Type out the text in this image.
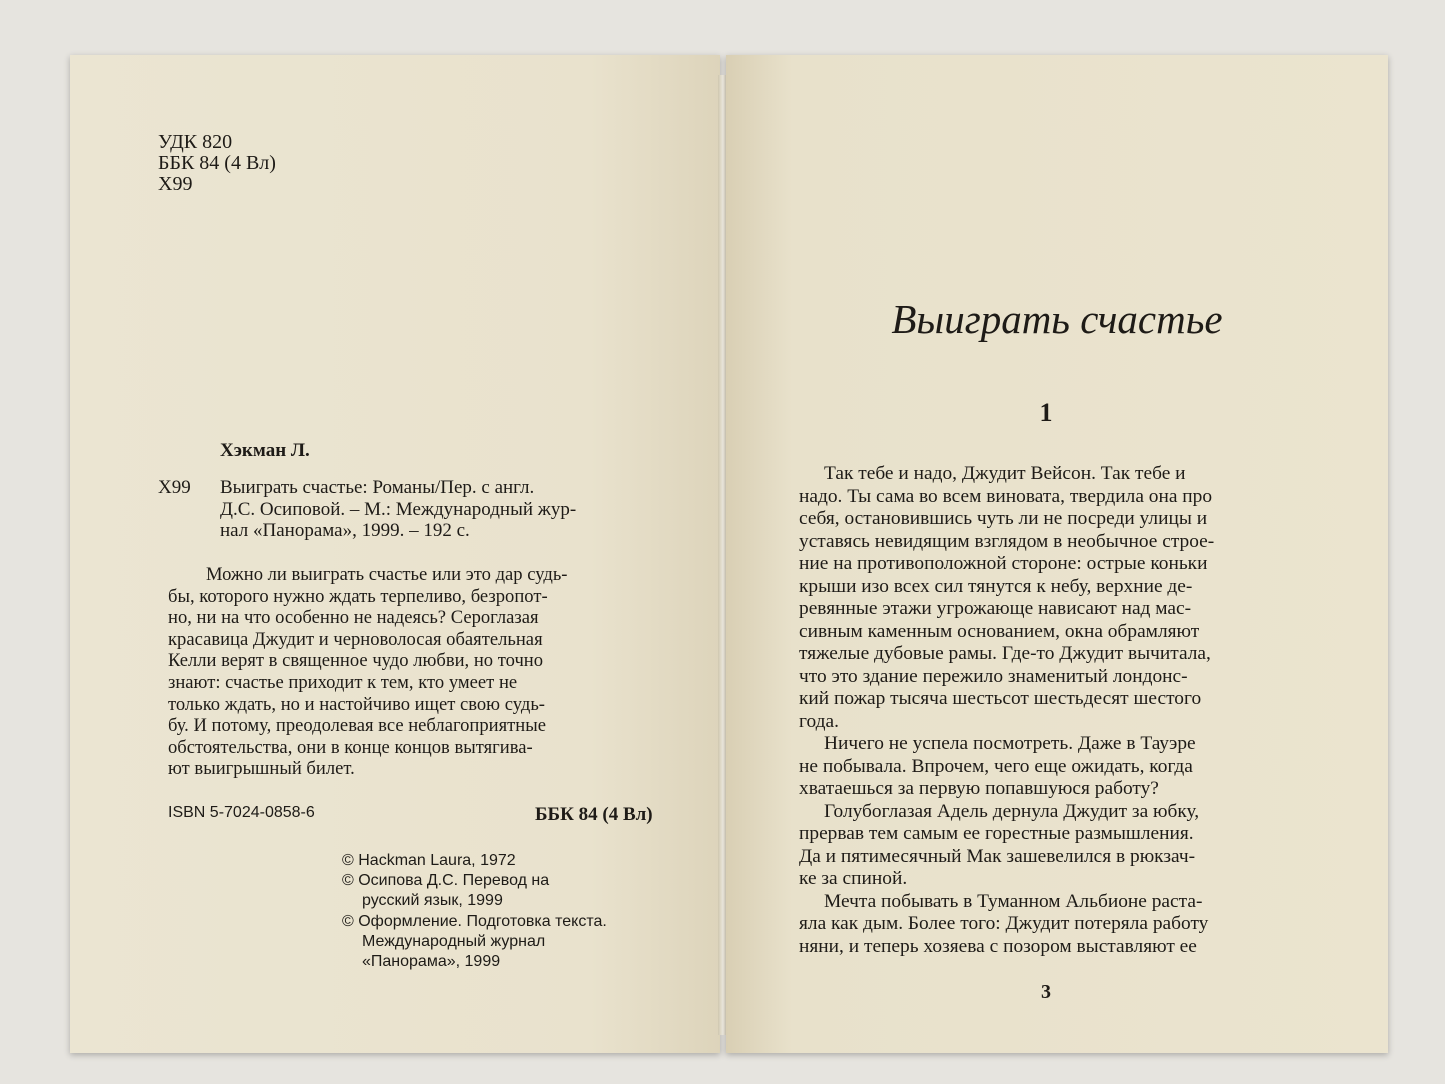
УДК 820
ББК 84 (4 Вл)
Х99
Хэкман Л.
Х99 Выиграть счастье: Романы/Пер. с англ.
Д.С. Осиповой. – М.: Международный жур-
нал «Панорама», 1999. – 192 с.
Можно ли выиграть счастье или это дар судь-
бы, которого нужно ждать терпеливо, безропот-
но, ни на что особенно не надеясь? Сероглазая
красавица Джудит и черноволосая обаятельная
Келли верят в священное чудо любви, но точно
знают: счастье приходит к тем, кто умеет не
только ждать, но и настойчиво ищет свою судь-
бу. И потому, преодолевая все неблагоприятные
обстоятельства, они в конце концов вытягива-
ют выигрышный билет.
ISBN 5-7024-0858-6	ББК 84 (4 Вл)
© Hackman Laura, 1972
© Осипова Д.С. Перевод на
русский язык, 1999
© Оформление. Подготовка текста.
Международный журнал
«Панорама», 1999
Выиграть счастье
1
Так тебе и надо, Джудит Вейсон. Так тебе и
надо. Ты сама во всем виновата, твердила она про
себя, остановившись чуть ли не посреди улицы и
уставясь невидящим взглядом в необычное строе-
ние на противоположной стороне: острые коньки
крыши изо всех сил тянутся к небу, верхние де-
ревянные этажи угрожающе нависают над мас-
сивным каменным основанием, окна обрамляют
тяжелые дубовые рамы. Где-то Джудит вычитала,
что это здание пережило знаменитый лондонс-
кий пожар тысяча шестьсот шестьдесят шестого
года.
Ничего не успела посмотреть. Даже в Тауэре
не побывала. Впрочем, чего еще ожидать, когда
хватаешься за первую попавшуюся работу?
Голубоглазая Адель дернула Джудит за юбку,
прервав тем самым ее горестные размышления.
Да и пятимесячный Мак зашевелился в рюкзач-
ке за спиной.
Мечта побывать в Туманном Альбионе раста-
яла как дым. Более того: Джудит потеряла работу
няни, и теперь хозяева с позором выставляют ее
3
